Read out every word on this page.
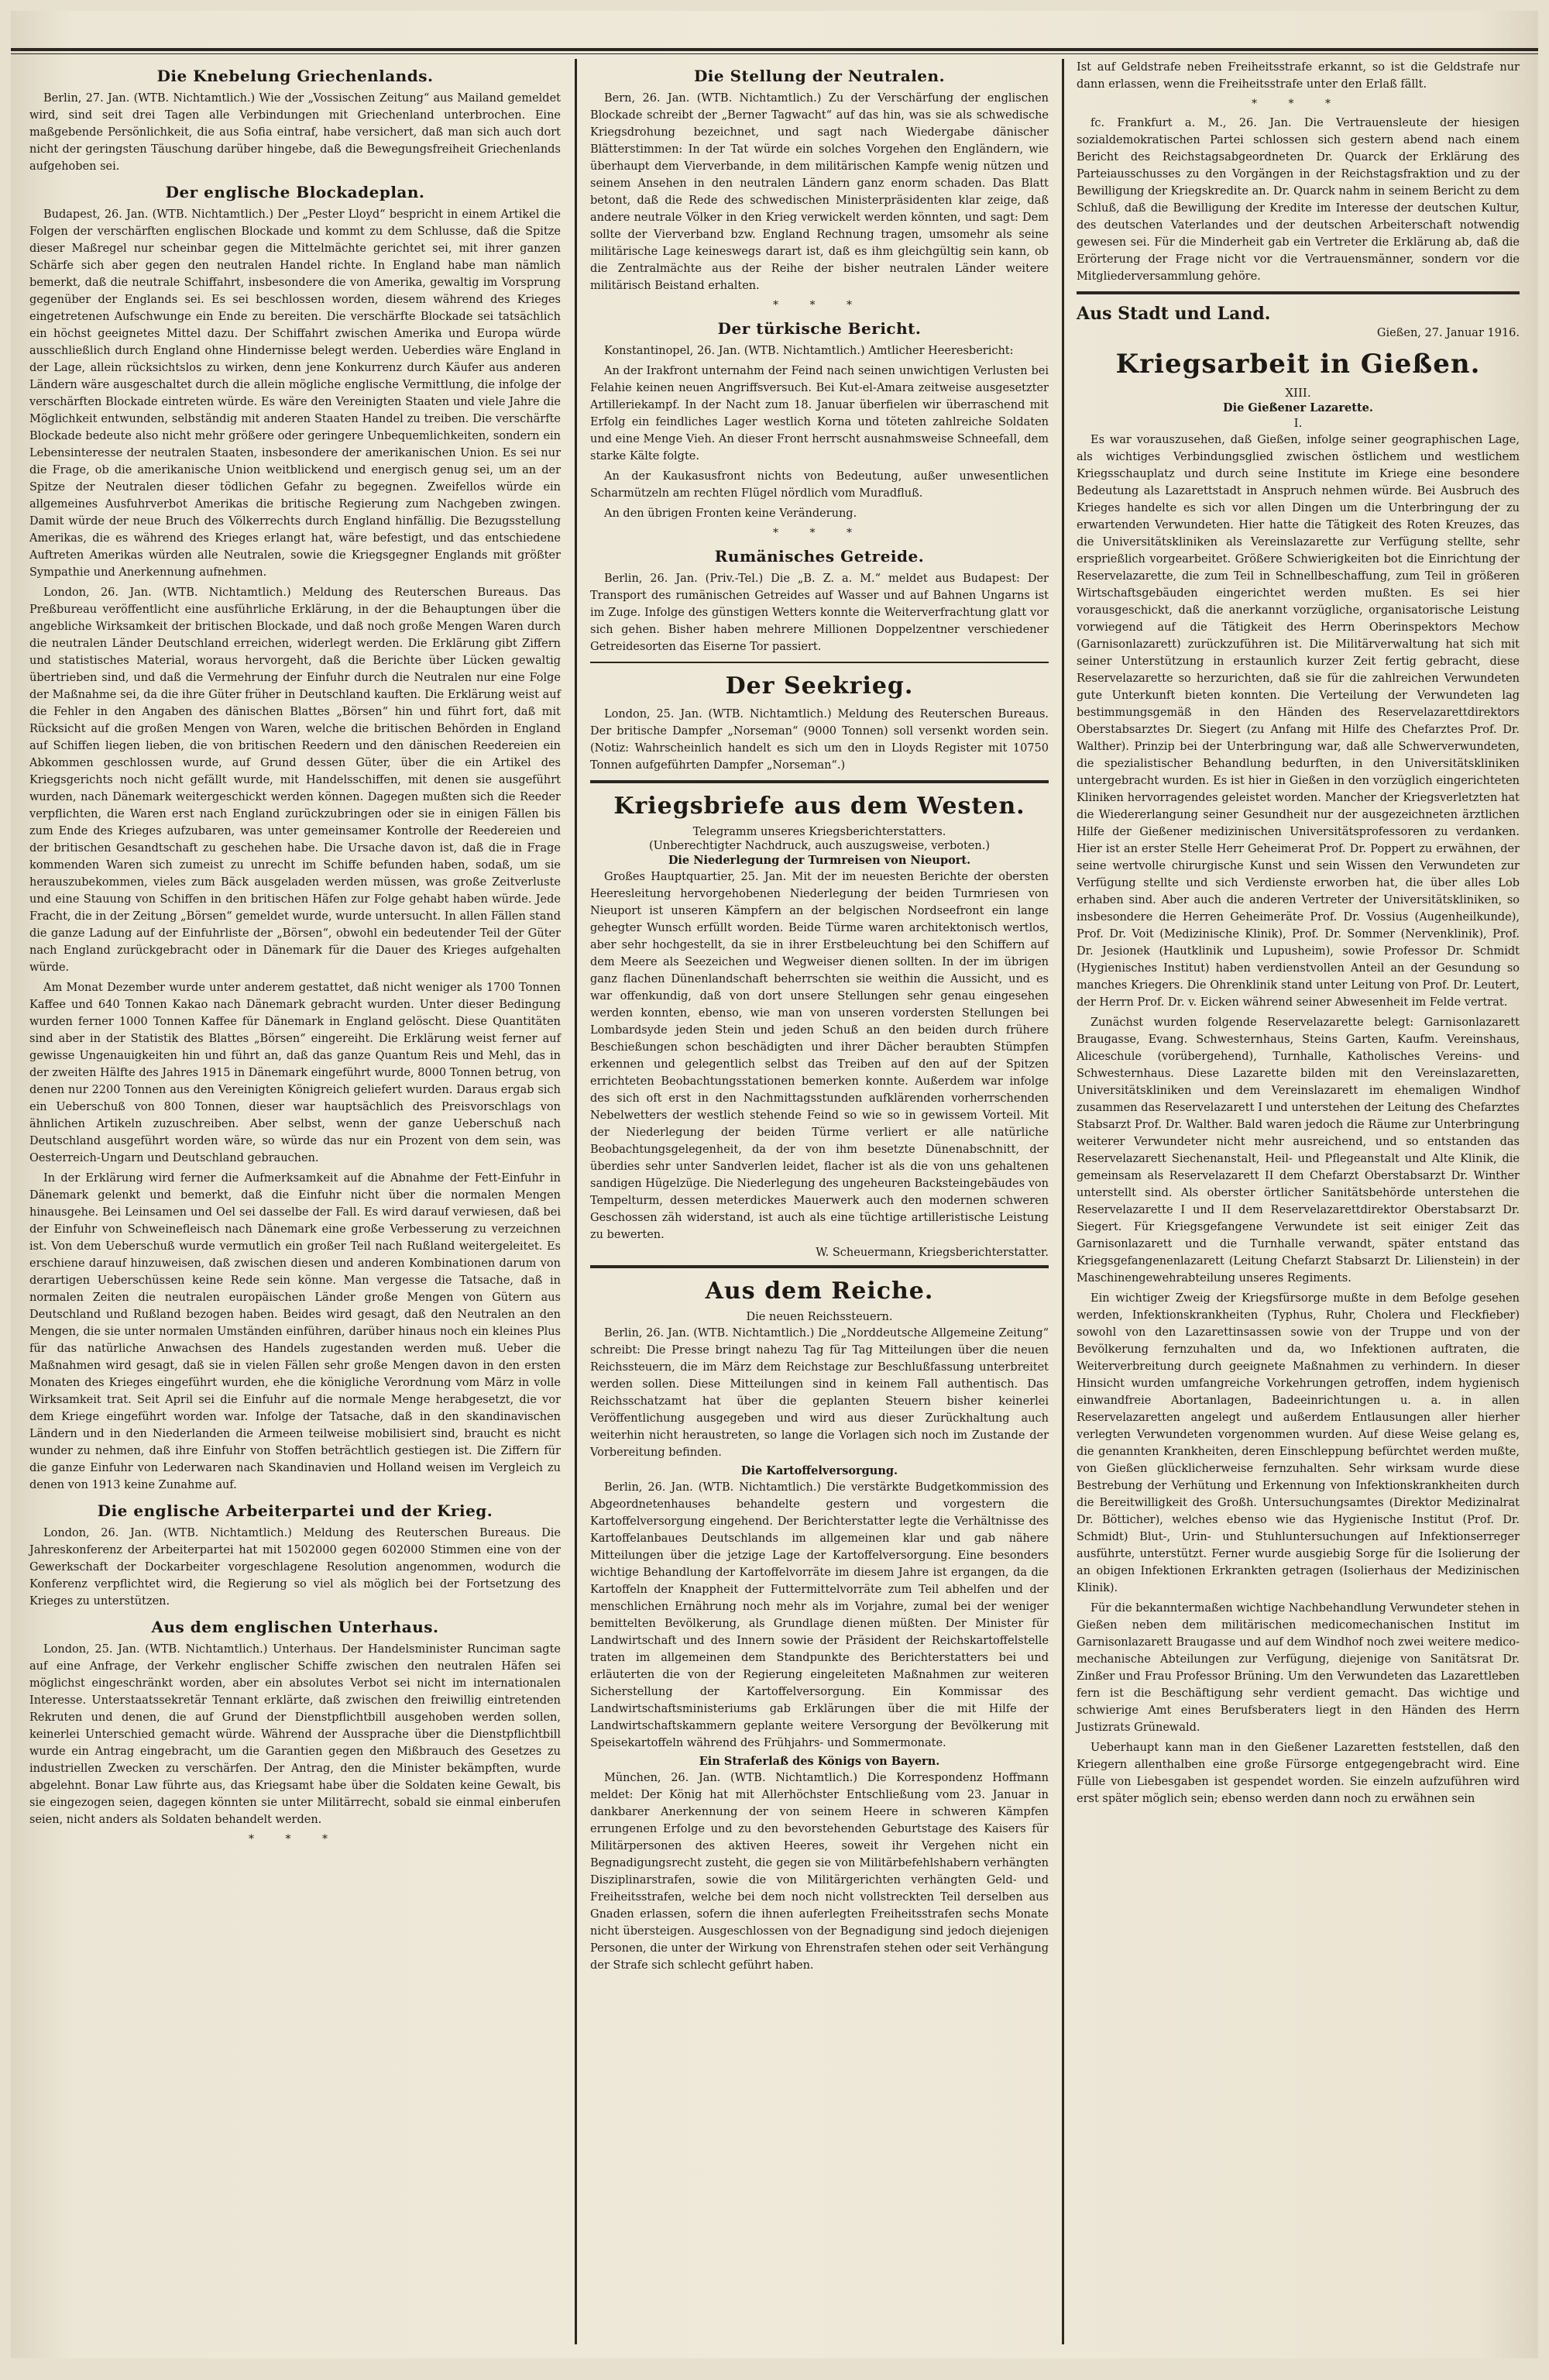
Die Knebelung Griechenlands.

Berlin, 27. Jan. (WTB. Nichtamtlich.) Wie der „Vossischen Zeitung“ aus Mailand gemeldet wird, sind seit drei Tagen alle Verbindungen mit Griechenland unterbrochen. Eine maßgebende Persönlichkeit, die aus Sofia eintraf, habe versichert, daß man sich auch dort nicht der geringsten Täuschung darüber hingebe, daß die Bewegungsfreiheit Griechenlands aufgehoben sei.

Der englische Blockadeplan.

Budapest, 26. Jan. (WTB. Nichtamtlich.) Der „Pester Lloyd“ bespricht in einem Artikel die Folgen der verschärften englischen Blockade und kommt zu dem Schlusse, daß die Spitze dieser Maßregel nur scheinbar gegen die Mittelmächte gerichtet sei, mit ihrer ganzen Schärfe sich aber gegen den neutralen Handel richte. In England habe man nämlich bemerkt, daß die neutrale Schiffahrt, insbesondere die von Amerika, gewaltig im Vorsprung gegenüber der Englands sei. Es sei beschlossen worden, diesem während des Krieges eingetretenen Aufschwunge ein Ende zu bereiten. Die verschärfte Blockade sei tatsächlich ein höchst geeignetes Mittel dazu. Der Schiffahrt zwischen Amerika und Europa würde ausschließlich durch England ohne Hindernisse belegt werden. Ueberdies wäre England in der Lage, allein rücksichtslos zu wirken, denn jene Konkurrenz durch Käufer aus anderen Ländern wäre ausgeschaltet durch die allein mögliche englische Vermittlung, die infolge der verschärften Blockade eintreten würde. Es wäre den Vereinigten Staaten und viele Jahre die Möglichkeit entwunden, selbständig mit anderen Staaten Handel zu treiben. Die verschärfte Blockade bedeute also nicht mehr größere oder geringere Unbequemlichkeiten, sondern ein Lebensinteresse der neutralen Staaten, insbesondere der amerikanischen Union. Es sei nur die Frage, ob die amerikanische Union weitblickend und energisch genug sei, um an der Spitze der Neutralen dieser tödlichen Gefahr zu begegnen. Zweifellos würde ein allgemeines Ausfuhrverbot Amerikas die britische Regierung zum Nachgeben zwingen. Damit würde der neue Bruch des Völkerrechts durch England hinfällig. Die Bezugsstellung Amerikas, die es während des Krieges erlangt hat, wäre befestigt, und das entschiedene Auftreten Amerikas würden alle Neutralen, sowie die Kriegsgegner Englands mit größter Sympathie und Anerkennung aufnehmen.

London, 26. Jan. (WTB. Nichtamtlich.) Meldung des Reuterschen Bureaus. Das Preßbureau veröffentlicht eine ausführliche Erklärung, in der die Behauptungen über die angebliche Wirksamkeit der britischen Blockade, und daß noch große Mengen Waren durch die neutralen Länder Deutschland erreichen, widerlegt werden. Die Erklärung gibt Ziffern und statistisches Material, woraus hervorgeht, daß die Berichte über Lücken gewaltig übertrieben sind, und daß die Vermehrung der Einfuhr durch die Neutralen nur eine Folge der Maßnahme sei, da die ihre Güter früher in Deutschland kauften. Die Erklärung weist auf die Fehler in den Angaben des dänischen Blattes „Börsen“ hin und führt fort, daß mit Rücksicht auf die großen Mengen von Waren, welche die britischen Behörden in England auf Schiffen liegen lieben, die von britischen Reedern und den dänischen Reedereien ein Abkommen geschlossen wurde, auf Grund dessen Güter, über die ein Artikel des Kriegsgerichts noch nicht gefällt wurde, mit Handelsschiffen, mit denen sie ausgeführt wurden, nach Dänemark weitergeschickt werden können. Dagegen mußten sich die Reeder verpflichten, die Waren erst nach England zurückzubringen oder sie in einigen Fällen bis zum Ende des Krieges aufzubaren, was unter gemeinsamer Kontrolle der Reedereien und der britischen Gesandtschaft zu geschehen habe. Die Ursache davon ist, daß die in Frage kommenden Waren sich zumeist zu unrecht im Schiffe befunden haben, sodaß, um sie herauszubekommen, vieles zum Bäck ausgeladen werden müssen, was große Zeitverluste und eine Stauung von Schiffen in den britischen Häfen zur Folge gehabt haben würde. Jede Fracht, die in der Zeitung „Börsen“ gemeldet wurde, wurde untersucht. In allen Fällen stand die ganze Ladung auf der Einfuhrliste der „Börsen“, obwohl ein bedeutender Teil der Güter nach England zurückgebracht oder in Dänemark für die Dauer des Krieges aufgehalten würde.

Am Monat Dezember wurde unter anderem gestattet, daß nicht weniger als 1700 Tonnen Kaffee und 640 Tonnen Kakao nach Dänemark gebracht wurden. Unter dieser Bedingung wurden ferner 1000 Tonnen Kaffee für Dänemark in England gelöscht. Diese Quantitäten sind aber in der Statistik des Blattes „Börsen“ eingereiht. Die Erklärung weist ferner auf gewisse Ungenauigkeiten hin und führt an, daß das ganze Quantum Reis und Mehl, das in der zweiten Hälfte des Jahres 1915 in Dänemark eingeführt wurde, 8000 Tonnen betrug, von denen nur 2200 Tonnen aus den Vereinigten Königreich geliefert wurden. Daraus ergab sich ein Ueberschuß von 800 Tonnen, dieser war hauptsächlich des Preisvorschlags von ähnlichen Artikeln zuzuschreiben. Aber selbst, wenn der ganze Ueberschuß nach Deutschland ausgeführt worden wäre, so würde das nur ein Prozent von dem sein, was Oesterreich-Ungarn und Deutschland gebrauchen.

In der Erklärung wird ferner die Aufmerksamkeit auf die Abnahme der Fett-Einfuhr in Dänemark gelenkt und bemerkt, daß die Einfuhr nicht über die normalen Mengen hinausgehe. Bei Leinsamen und Oel sei dasselbe der Fall. Es wird darauf verwiesen, daß bei der Einfuhr von Schweinefleisch nach Dänemark eine große Verbesserung zu verzeichnen ist. Von dem Ueberschuß wurde vermutlich ein großer Teil nach Rußland weitergeleitet. Es erschiene darauf hinzuweisen, daß zwischen diesen und anderen Kombinationen darum von derartigen Ueberschüssen keine Rede sein könne. Man vergesse die Tatsache, daß in normalen Zeiten die neutralen europäischen Länder große Mengen von Gütern aus Deutschland und Rußland bezogen haben. Beides wird gesagt, daß den Neutralen an den Mengen, die sie unter normalen Umständen einführen, darüber hinaus noch ein kleines Plus für das natürliche Anwachsen des Handels zugestanden werden muß. Ueber die Maßnahmen wird gesagt, daß sie in vielen Fällen sehr große Mengen davon in den ersten Monaten des Krieges eingeführt wurden, ehe die königliche Verordnung vom März in volle Wirksamkeit trat. Seit April sei die Einfuhr auf die normale Menge herabgesetzt, die vor dem Kriege eingeführt worden war. Infolge der Tatsache, daß in den skandinavischen Ländern und in den Niederlanden die Armeen teilweise mobilisiert sind, braucht es nicht wunder zu nehmen, daß ihre Einfuhr von Stoffen beträchtlich gestiegen ist. Die Ziffern für die ganze Einfuhr von Lederwaren nach Skandinavien und Holland weisen im Vergleich zu denen von 1913 keine Zunahme auf.

Die englische Arbeiterpartei und der Krieg.

London, 26. Jan. (WTB. Nichtamtlich.) Meldung des Reuterschen Bureaus. Die Jahreskonferenz der Arbeiterpartei hat mit 1502000 gegen 602000 Stimmen eine von der Gewerkschaft der Dockarbeiter vorgeschlagene Resolution angenommen, wodurch die Konferenz verpflichtet wird, die Regierung so viel als möglich bei der Fortsetzung des Krieges zu unterstützen.

Aus dem englischen Unterhaus.

London, 25. Jan. (WTB. Nichtamtlich.) Unterhaus. Der Handelsminister Runciman sagte auf eine Anfrage, der Verkehr englischer Schiffe zwischen den neutralen Häfen sei möglichst eingeschränkt worden, aber ein absolutes Verbot sei nicht im internationalen Interesse. Unterstaatssekretär Tennant erklärte, daß zwischen den freiwillig eintretenden Rekruten und denen, die auf Grund der Dienstpflichtbill ausgehoben werden sollen, keinerlei Unterschied gemacht würde. Während der Aussprache über die Dienstpflichtbill wurde ein Antrag eingebracht, um die Garantien gegen den Mißbrauch des Gesetzes zu industriellen Zwecken zu verschärfen. Der Antrag, den die Minister bekämpften, wurde abgelehnt. Bonar Law führte aus, das Kriegsamt habe über die Soldaten keine Gewalt, bis sie eingezogen seien, dagegen könnten sie unter Militärrecht, sobald sie einmal einberufen seien, nicht anders als Soldaten behandelt werden.

* * *
Die Stellung der Neutralen.

Bern, 26. Jan. (WTB. Nichtamtlich.) Zu der Verschärfung der englischen Blockade schreibt der „Berner Tagwacht“ auf das hin, was sie als schwedische Kriegsdrohung bezeichnet, und sagt nach Wiedergabe dänischer Blätterstimmen: In der Tat würde ein solches Vorgehen den Engländern, wie überhaupt dem Vierverbande, in dem militärischen Kampfe wenig nützen und seinem Ansehen in den neutralen Ländern ganz enorm schaden. Das Blatt betont, daß die Rede des schwedischen Ministerpräsidenten klar zeige, daß andere neutrale Völker in den Krieg verwickelt werden könnten, und sagt: Dem sollte der Vierverband bzw. England Rechnung tragen, umsomehr als seine militärische Lage keineswegs darart ist, daß es ihm gleichgültig sein kann, ob die Zentralmächte aus der Reihe der bisher neutralen Länder weitere militärisch Beistand erhalten.

* * *
Der türkische Bericht.

Konstantinopel, 26. Jan. (WTB. Nichtamtlich.) Amtlicher Heeresbericht:

An der Irakfront unternahm der Feind nach seinen unwichtigen Verlusten bei Felahie keinen neuen Angriffsversuch. Bei Kut-el-Amara zeitweise ausgesetzter Artilleriekampf. In der Nacht zum 18. Januar überfielen wir überraschend mit Erfolg ein feindliches Lager westlich Korna und töteten zahlreiche Soldaten und eine Menge Vieh. An dieser Front herrscht ausnahmsweise Schneefall, dem starke Kälte folgte.

An der Kaukasusfront nichts von Bedeutung, außer unwesentlichen Scharmützeln am rechten Flügel nördlich vom Muradfluß.

An den übrigen Fronten keine Veränderung.

* * *
Rumänisches Getreide.

Berlin, 26. Jan. (Priv.-Tel.) Die „B. Z. a. M.“ meldet aus Budapest: Der Transport des rumänischen Getreides auf Wasser und auf Bahnen Ungarns ist im Zuge. Infolge des günstigen Wetters konnte die Weiterverfrachtung glatt vor sich gehen. Bisher haben mehrere Millionen Doppelzentner verschiedener Getreidesorten das Eiserne Tor passiert.

Der Seekrieg.

London, 25. Jan. (WTB. Nichtamtlich.) Meldung des Reuterschen Bureaus. Der britische Dampfer „Norseman“ (9000 Tonnen) soll versenkt worden sein. (Notiz: Wahrscheinlich handelt es sich um den in Lloyds Register mit 10750 Tonnen aufgeführten Dampfer „Norseman“.)

Kriegsbriefe aus dem Westen.
Telegramm unseres Kriegsberichterstatters.
(Unberechtigter Nachdruck, auch auszugsweise, verboten.)
Die Niederlegung der Turmreisen von Nieuport.

Großes Hauptquartier, 25. Jan. Mit der im neuesten Berichte der obersten Heeresleitung hervorgehobenen Niederlegung der beiden Turmriesen von Nieuport ist unseren Kämpfern an der belgischen Nordseefront ein lange gehegter Wunsch erfüllt worden. Beide Türme waren architektonisch wertlos, aber sehr hochgestellt, da sie in ihrer Erstbeleuchtung bei den Schiffern auf dem Meere als Seezeichen und Wegweiser dienen sollten. In der im übrigen ganz flachen Dünenlandschaft beherrschten sie weithin die Aussicht, und es war offenkundig, daß von dort unsere Stellungen sehr genau eingesehen werden konnten, ebenso, wie man von unseren vordersten Stellungen bei Lombardsyde jeden Stein und jeden Schuß an den beiden durch frühere Beschießungen schon beschädigten und ihrer Dächer beraubten Stümpfen erkennen und gelegentlich selbst das Treiben auf den auf der Spitzen errichteten Beobachtungsstationen bemerken konnte. Außerdem war infolge des sich oft erst in den Nachmittagsstunden aufklärenden vorherrschenden Nebelwetters der westlich stehende Feind so wie so in gewissem Vorteil. Mit der Niederlegung der beiden Türme verliert er alle natürliche Beobachtungsgelegenheit, da der von ihm besetzte Dünenabschnitt, der überdies sehr unter Sandverlen leidet, flacher ist als die von uns gehaltenen sandigen Hügelzüge. Die Niederlegung des ungeheuren Backsteingebäudes von Tempelturm, dessen meterdickes Mauerwerk auch den modernen schweren Geschossen zäh widerstand, ist auch als eine tüchtige artilleristische Leistung zu bewerten.

W. Scheuermann, Kriegsberichterstatter.
Aus dem Reiche.
Die neuen Reichssteuern.

Berlin, 26. Jan. (WTB. Nichtamtlich.) Die „Norddeutsche Allgemeine Zeitung“ schreibt: Die Presse bringt nahezu Tag für Tag Mitteilungen über die neuen Reichssteuern, die im März dem Reichstage zur Beschlußfassung unterbreitet werden sollen. Diese Mitteilungen sind in keinem Fall authentisch. Das Reichsschatzamt hat über die geplanten Steuern bisher keinerlei Veröffentlichung ausgegeben und wird aus dieser Zurückhaltung auch weiterhin nicht heraustreten, so lange die Vorlagen sich noch im Zustande der Vorbereitung befinden.

Die Kartoffelversorgung.

Berlin, 26. Jan. (WTB. Nichtamtlich.) Die verstärkte Budgetkommission des Abgeordnetenhauses behandelte gestern und vorgestern die Kartoffelversorgung eingehend. Der Berichterstatter legte die Verhältnisse des Kartoffelanbaues Deutschlands im allgemeinen klar und gab nähere Mitteilungen über die jetzige Lage der Kartoffelversorgung. Eine besonders wichtige Behandlung der Kartoffelvorräte im diesem Jahre ist ergangen, da die Kartoffeln der Knappheit der Futtermittelvorräte zum Teil abhelfen und der menschlichen Ernährung noch mehr als im Vorjahre, zumal bei der weniger bemittelten Bevölkerung, als Grundlage dienen müßten. Der Minister für Landwirtschaft und des Innern sowie der Präsident der Reichskartoffelstelle traten im allgemeinen dem Standpunkte des Berichterstatters bei und erläuterten die von der Regierung eingeleiteten Maßnahmen zur weiteren Sicherstellung der Kartoffelversorgung. Ein Kommissar des Landwirtschaftsministeriums gab Erklärungen über die mit Hilfe der Landwirtschaftskammern geplante weitere Versorgung der Bevölkerung mit Speisekartoffeln während des Frühjahrs- und Sommermonate.

Ein Straferlaß des Königs von Bayern.

München, 26. Jan. (WTB. Nichtamtlich.) Die Korrespondenz Hoffmann meldet: Der König hat mit Allerhöchster Entschließung vom 23. Januar in dankbarer Anerkennung der von seinem Heere in schweren Kämpfen errungenen Erfolge und zu den bevorstehenden Geburtstage des Kaisers für Militärpersonen des aktiven Heeres, soweit ihr Vergehen nicht ein Begnadigungsrecht zusteht, die gegen sie von Militärbefehlshabern verhängten Disziplinarstrafen, sowie die von Militärgerichten verhängten Geld- und Freiheitsstrafen, welche bei dem noch nicht vollstreckten Teil derselben aus Gnaden erlassen, sofern die ihnen auferlegten Freiheitsstrafen sechs Monate nicht übersteigen. Ausgeschlossen von der Begnadigung sind jedoch diejenigen Personen, die unter der Wirkung von Ehrenstrafen stehen oder seit Verhängung der Strafe sich schlecht geführt haben.

Ist auf Geldstrafe neben Freiheitsstrafe erkannt, so ist die Geldstrafe nur dann erlassen, wenn die Freiheitsstrafe unter den Erlaß fällt.

* * *

fc. Frankfurt a. M., 26. Jan. Die Vertrauensleute der hiesigen sozialdemokratischen Partei schlossen sich gestern abend nach einem Bericht des Reichstagsabgeordneten Dr. Quarck der Erklärung des Parteiausschusses zu den Vorgängen in der Reichstagsfraktion und zu der Bewilligung der Kriegskredite an. Dr. Quarck nahm in seinem Bericht zu dem Schluß, daß die Bewilligung der Kredite im Interesse der deutschen Kultur, des deutschen Vaterlandes und der deutschen Arbeiterschaft notwendig gewesen sei. Für die Minderheit gab ein Vertreter die Erklärung ab, daß die Erörterung der Frage nicht vor die Vertrauensmänner, sondern vor die Mitgliederversammlung gehöre.

Aus Stadt und Land.
Gießen, 27. Januar 1916.
Kriegsarbeit in Gießen.
XIII.
Die Gießener Lazarette.
I.

Es war vorauszusehen, daß Gießen, infolge seiner geographischen Lage, als wichtiges Verbindungsglied zwischen östlichem und westlichem Kriegsschauplatz und durch seine Institute im Kriege eine besondere Bedeutung als Lazarettstadt in Anspruch nehmen würde. Bei Ausbruch des Krieges handelte es sich vor allen Dingen um die Unterbringung der zu erwartenden Verwundeten. Hier hatte die Tätigkeit des Roten Kreuzes, das die Universitätskliniken als Vereinslazarette zur Verfügung stellte, sehr ersprießlich vorgearbeitet. Größere Schwierigkeiten bot die Einrichtung der Reservelazarette, die zum Teil in Schnellbeschaffung, zum Teil in größeren Wirtschaftsgebäuden eingerichtet werden mußten. Es sei hier vorausgeschickt, daß die anerkannt vorzügliche, organisatorische Leistung vorwiegend auf die Tätigkeit des Herrn Oberinspektors Mechow (Garnisonlazarett) zurückzuführen ist. Die Militärverwaltung hat sich mit seiner Unterstützung in erstaunlich kurzer Zeit fertig gebracht, diese Reservelazarette so herzurichten, daß sie für die zahlreichen Verwundeten gute Unterkunft bieten konnten. Die Verteilung der Verwundeten lag bestimmungsgemäß in den Händen des Reservelazarettdirektors Oberstabsarztes Dr. Siegert (zu Anfang mit Hilfe des Chefarztes Prof. Dr. Walther). Prinzip bei der Unterbringung war, daß alle Schwerverwundeten, die spezialistischer Behandlung bedurften, in den Universitätskliniken untergebracht wurden. Es ist hier in Gießen in den vorzüglich eingerichteten Kliniken hervorragendes geleistet worden. Mancher der Kriegsverletzten hat die Wiedererlangung seiner Gesundheit nur der ausgezeichneten ärztlichen Hilfe der Gießener medizinischen Universitätsprofessoren zu verdanken. Hier ist an erster Stelle Herr Geheimerat Prof. Dr. Poppert zu erwähnen, der seine wertvolle chirurgische Kunst und sein Wissen den Verwundeten zur Verfügung stellte und sich Verdienste erworben hat, die über alles Lob erhaben sind. Aber auch die anderen Vertreter der Universitätskliniken, so insbesondere die Herren Geheimeräte Prof. Dr. Vossius (Augenheilkunde), Prof. Dr. Voit (Medizinische Klinik), Prof. Dr. Sommer (Nervenklinik), Prof. Dr. Jesionek (Hautklinik und Lupusheim), sowie Professor Dr. Schmidt (Hygienisches Institut) haben verdienstvollen Anteil an der Gesundung so manches Kriegers. Die Ohrenklinik stand unter Leitung von Prof. Dr. Leutert, der Herrn Prof. Dr. v. Eicken während seiner Abwesenheit im Felde vertrat.

Zunächst wurden folgende Reservelazarette belegt: Garnisonlazarett Braugasse, Evang. Schwesternhaus, Steins Garten, Kaufm. Vereinshaus, Aliceschule (vorübergehend), Turnhalle, Katholisches Vereins- und Schwesternhaus. Diese Lazarette bilden mit den Vereinslazaretten, Universitätskliniken und dem Vereinslazarett im ehemaligen Windhof zusammen das Reservelazarett I und unterstehen der Leitung des Chefarztes Stabsarzt Prof. Dr. Walther. Bald waren jedoch die Räume zur Unterbringung weiterer Verwundeter nicht mehr ausreichend, und so entstanden das Reservelazarett Siechenanstalt, Heil- und Pflegeanstalt und Alte Klinik, die gemeinsam als Reservelazarett II dem Chefarzt Oberstabsarzt Dr. Winther unterstellt sind. Als oberster örtlicher Sanitätsbehörde unterstehen die Reservelazarette I und II dem Reservelazarettdirektor Oberstabsarzt Dr. Siegert. Für Kriegsgefangene Verwundete ist seit einiger Zeit das Garnisonlazarett und die Turnhalle verwandt, später entstand das Kriegsgefangenenlazarett (Leitung Chefarzt Stabsarzt Dr. Lilienstein) in der Maschinengewehrabteilung unseres Regiments.

Ein wichtiger Zweig der Kriegsfürsorge mußte in dem Befolge gesehen werden, Infektionskrankheiten (Typhus, Ruhr, Cholera und Fleckfieber) sowohl von den Lazarettinsassen sowie von der Truppe und von der Bevölkerung fernzuhalten und da, wo Infektionen auftraten, die Weiterverbreitung durch geeignete Maßnahmen zu verhindern. In dieser Hinsicht wurden umfangreiche Vorkehrungen getroffen, indem hygienisch einwandfreie Abortanlagen, Badeeinrichtungen u. a. in allen Reservelazaretten angelegt und außerdem Entlausungen aller hierher verlegten Verwundeten vorgenommen wurden. Auf diese Weise gelang es, die genannten Krankheiten, deren Einschleppung befürchtet werden mußte, von Gießen glücklicherweise fernzuhalten. Sehr wirksam wurde diese Bestrebung der Verhütung und Erkennung von Infektionskrankheiten durch die Bereitwilligkeit des Großh. Untersuchungsamtes (Direktor Medizinalrat Dr. Bötticher), welches ebenso wie das Hygienische Institut (Prof. Dr. Schmidt) Blut-, Urin- und Stuhluntersuchungen auf Infektionserreger ausführte, unterstützt. Ferner wurde ausgiebig Sorge für die Isolierung der an obigen Infektionen Erkrankten getragen (Isolierhaus der Medizinischen Klinik).

Für die bekanntermaßen wichtige Nachbehandlung Verwundeter stehen in Gießen neben dem militärischen medicomechanischen Institut im Garnisonlazarett Braugasse und auf dem Windhof noch zwei weitere medico-mechanische Abteilungen zur Verfügung, diejenige von Sanitätsrat Dr. Zinßer und Frau Professor Brüning. Um den Verwundeten das Lazarettleben fern ist die Beschäftigung sehr verdient gemacht. Das wichtige und schwierige Amt eines Berufsberaters liegt in den Händen des Herrn Justizrats Grünewald.

Ueberhaupt kann man in den Gießener Lazaretten feststellen, daß den Kriegern allenthalben eine große Fürsorge entgegengebracht wird. Eine Fülle von Liebesgaben ist gespendet worden. Sie einzeln aufzuführen wird erst später möglich sein; ebenso werden dann noch zu erwähnen sein
